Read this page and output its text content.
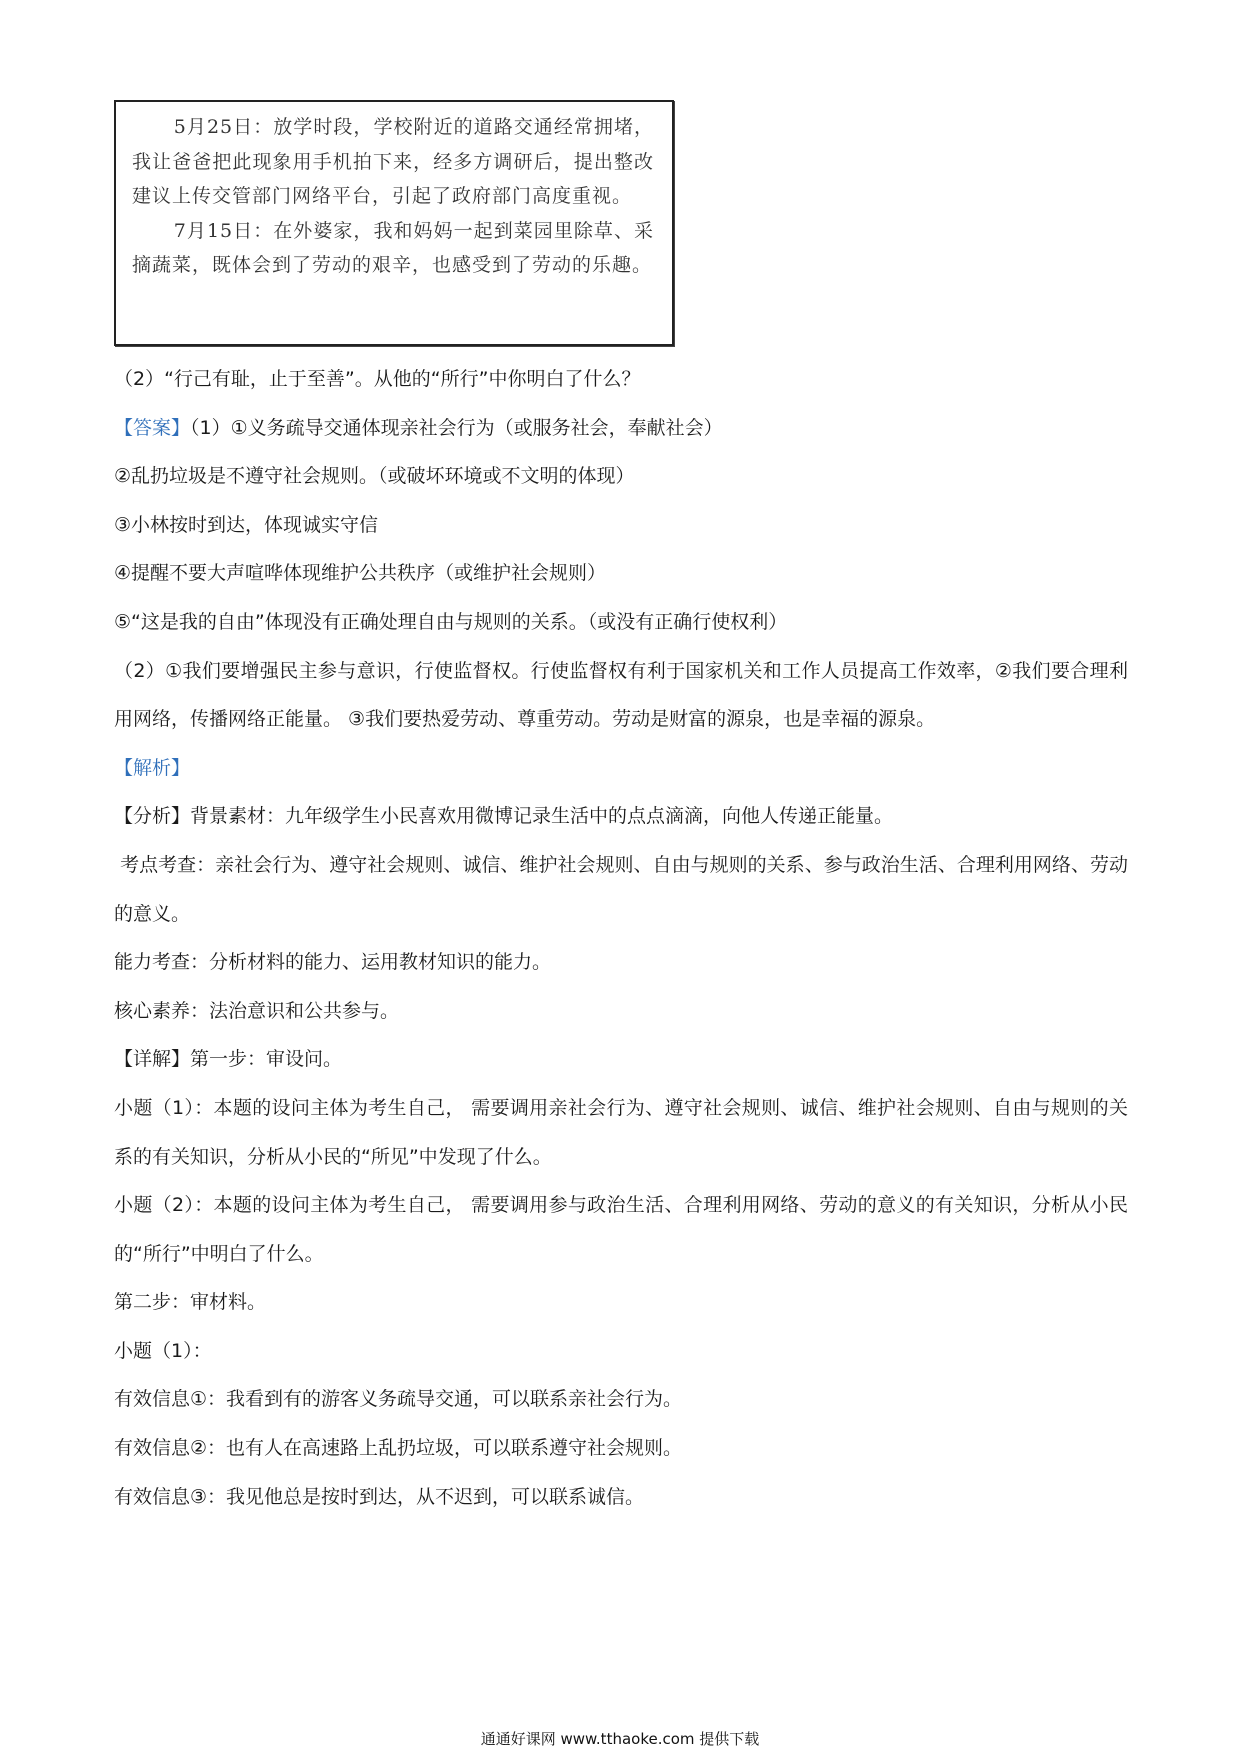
5月25日：放学时段，学校附近的道路交通经常拥堵，我让爸爸把此现象用手机拍下来，经多方调研后，提出整改建议上传交管部门网络平台，引起了政府部门高度重视。

7月15日：在外婆家，我和妈妈一起到菜园里除草、采摘蔬菜，既体会到了劳动的艰辛，也感受到了劳动的乐趣。

（2）“行己有耻，止于至善”。从他的“所行”中你明白了什么？

【答案】（1）①义务疏导交通体现亲社会行为（或服务社会，奉献社会）

②乱扔垃圾是不遵守社会规则。（或破坏环境或不文明的体现）

③小林按时到达，体现诚实守信

④提醒不要大声喧哗体现维护公共秩序（或维护社会规则）

⑤“这是我的自由”体现没有正确处理自由与规则的关系。（或没有正确行使权利）

（2）①我们要增强民主参与意识，行使监督权。行使监督权有利于国家机关和工作人员提高工作效率，②我们要合理利用网络，传播网络正能量。 ③我们要热爱劳动、尊重劳动。劳动是财富的源泉，也是幸福的源泉。

【解析】

【分析】背景素材：九年级学生小民喜欢用微博记录生活中的点点滴滴，向他人传递正能量。

考点考查：亲社会行为、遵守社会规则、诚信、维护社会规则、自由与规则的关系、参与政治生活、合理利用网络、劳动的意义。

能力考查：分析材料的能力、运用教材知识的能力。

核心素养：法治意识和公共参与。

【详解】第一步：审设问。

小题（1）：本题的设问主体为考生自己， 需要调用亲社会行为、遵守社会规则、诚信、维护社会规则、自由与规则的关系的有关知识，分析从小民的“所见”中发现了什么。

小题（2）：本题的设问主体为考生自己， 需要调用参与政治生活、合理利用网络、劳动的意义的有关知识，分析从小民的“所行”中明白了什么。

第二步：审材料。

小题（1）：

有效信息①：我看到有的游客义务疏导交通，可以联系亲社会行为。

有效信息②：也有人在高速路上乱扔垃圾，可以联系遵守社会规则。

有效信息③：我见他总是按时到达，从不迟到，可以联系诚信。

通通好课网 www.tthaoke.com 提供下载
